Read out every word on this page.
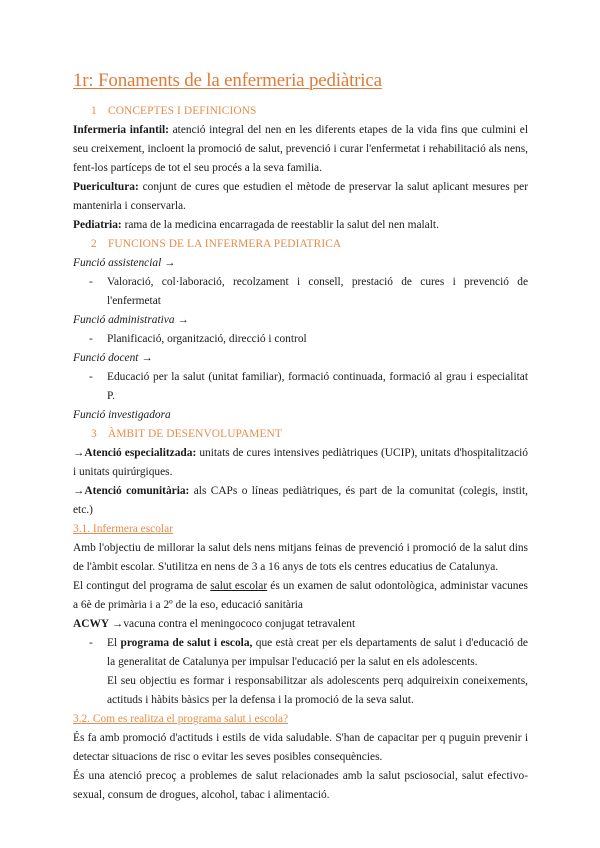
1r: Fonaments de la enfermeria pediàtrica
1 CONCEPTES I DEFINICIONS

Infermeria infantil: atenció integral del nen en les diferents etapes de la vida fins que culmini el seu creixement, incloent la promoció de salut, prevenció i curar l'enfermetat i rehabilitació als nens, fent-los partíceps de tot el seu procés a la seva familia.

Puericultura: conjunt de cures que estudien el mètode de preservar la salut aplicant mesures per mantenirla i conservarla.

Pediatria: rama de la medicina encarragada de reestablir la salut del nen malalt.

2 FUNCIONS DE LA INFERMERA PEDIATRICA

Funció assistencial →

- Valoració, col·laboració, recolzament i consell, prestació de cures i prevenció de l'enfermetat

Funció administrativa →

- Planificació, organització, direcció i control

Funció docent →

- Educació per la salut (unitat familiar), formació continuada, formació al grau i especialitat P.

Funció investigadora

3 ÀMBIT DE DESENVOLUPAMENT

→Atenció especialitzada: unitats de cures intensives pediàtriques (UCIP), unitats d'hospitalització i unitats quirúrgiques.

→Atenció comunitària: als CAPs o líneas pediàtriques, és part de la comunitat (colegis, instit, etc.)

3.1. Infermera escolar

Amb l'objectiu de millorar la salut dels nens mitjans feinas de prevenció i promoció de la salut dins de l'àmbit escolar. S'utilitza en nens de 3 a 16 anys de tots els centres educatius de Catalunya.

El contingut del programa de salut escolar és un examen de salut odontològica, administar vacunes a 6è de primària i a 2º de la eso, educació sanitària

ACWY →vacuna contra el meningococo conjugat tetravalent

- El programa de salut i escola, que està creat per els departaments de salut i d'educació de la generalitat de Catalunya per impulsar l'educació per la salut en els adolescents.
El seu objectiu es formar i responsabilitzar als adolescents perq adquireixin coneixements, actituds i hàbits bàsics per la defensa i la promoció de la seva salut.

3.2. Com es realitza el programa salut i escola?

És fa amb promoció d'actituds i estils de vida saludable. S'han de capacitar per q puguin prevenir i detectar situacions de risc o evitar les seves posibles consequències.

És una atenció precoç a problemes de salut relacionades amb la salut psciosocial, salut efectivo-sexual, consum de drogues, alcohol, tabac i alimentació.
